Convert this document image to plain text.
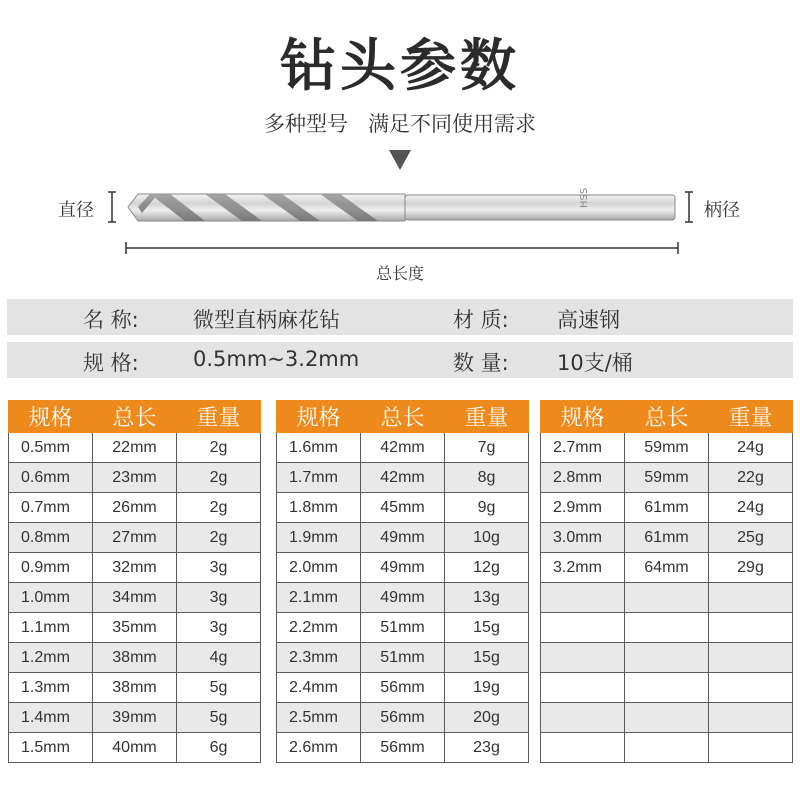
钻头参数
多种型号   满足不同使用需求
HSS
直径	柄径
总长度
名 称:	微型直柄麻花钻	材 质: 高速钢
规 格:	0.5mm~3.2mm	数 量: 10支/桶
规格	总长	重量
0.5mm	22mm	2g
0.6mm	23mm	2g
0.7mm	26mm	2g
0.8mm	27mm	2g
0.9mm	32mm	3g
1.0mm	34mm	3g
1.1mm	35mm	3g
1.2mm	38mm	4g
1.3mm	38mm	5g
1.4mm	39mm	5g
1.5mm	40mm	6g
规格	总长	重量
1.6mm	42mm	7g
1.7mm	42mm	8g
1.8mm	45mm	9g
1.9mm	49mm	10g
2.0mm	49mm	12g
2.1mm	49mm	13g
2.2mm	51mm	15g
2.3mm	51mm	15g
2.4mm	56mm	19g
2.5mm	56mm	20g
2.6mm	56mm	23g
规格	总长	重量
2.7mm	59mm	24g
2.8mm	59mm	22g
2.9mm	61mm	24g
3.0mm	61mm	25g
3.2mm	64mm	29g
